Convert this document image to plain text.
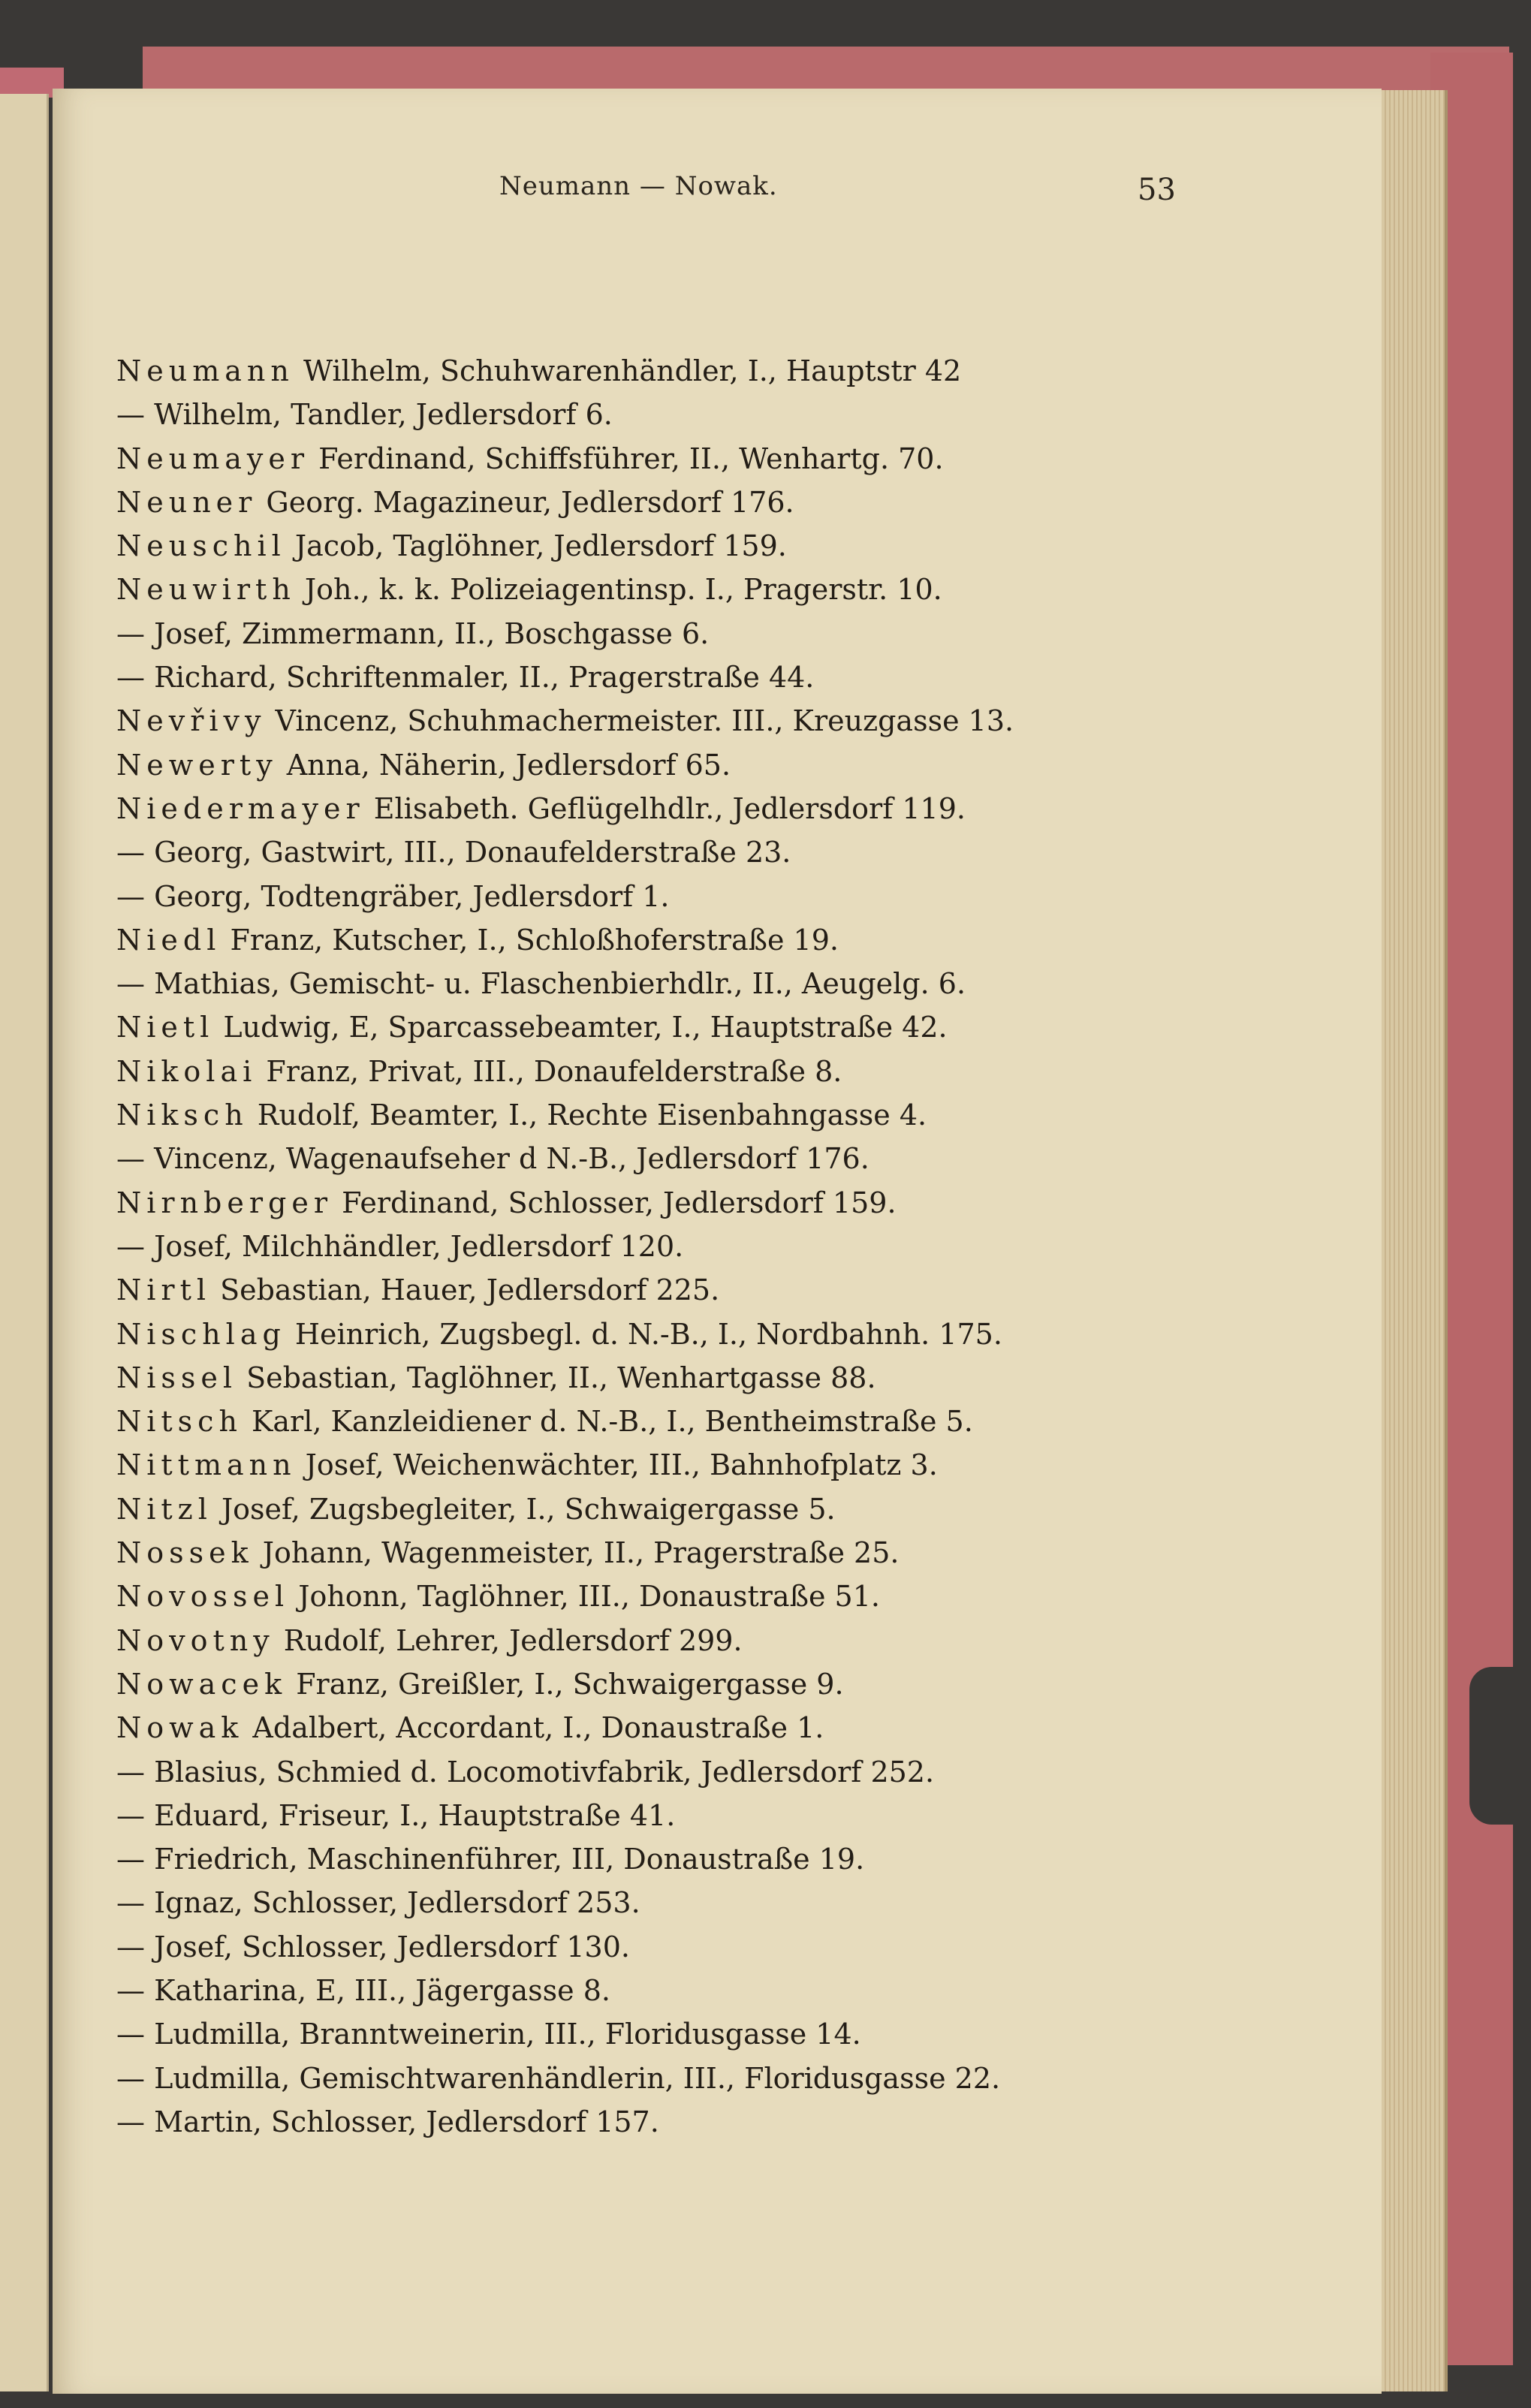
Neumann — Nowak.	53
Neumann Wilhelm, Schuhwarenhändler, I., Hauptstr 42
— Wilhelm, Tandler, Jedlersdorf 6.
Neumayer Ferdinand, Schiffsführer, II., Wenhartg. 70.
Neuner Georg. Magazineur, Jedlersdorf 176.
Neuschil Jacob, Taglöhner, Jedlersdorf 159.
Neuwirth Joh., k. k. Polizeiagentinsp. I., Pragerstr. 10.
— Josef, Zimmermann, II., Boschgasse 6.
— Richard, Schriftenmaler, II., Pragerstraße 44.
Nevřivy Vincenz, Schuhmachermeister. III., Kreuzgasse 13.
Newerty Anna, Näherin, Jedlersdorf 65.
Niedermayer Elisabeth. Geflügelhdlr., Jedlersdorf 119.
— Georg, Gastwirt, III., Donaufelderstraße 23.
— Georg, Todtengräber, Jedlersdorf 1.
Niedl Franz, Kutscher, I., Schloßhoferstraße 19.
— Mathias, Gemischt- u. Flaschenbierhdlr., II., Aeugelg. 6.
Nietl Ludwig, E, Sparcassebeamter, I., Hauptstraße 42.
Nikolai Franz, Privat, III., Donaufelderstraße 8.
Niksch Rudolf, Beamter, I., Rechte Eisenbahngasse 4.
— Vincenz, Wagenaufseher d N.-B., Jedlersdorf 176.
Nirnberger Ferdinand, Schlosser, Jedlersdorf 159.
— Josef, Milchhändler, Jedlersdorf 120.
Nirtl Sebastian, Hauer, Jedlersdorf 225.
Nischlag Heinrich, Zugsbegl. d. N.-B., I., Nordbahnh. 175.
Nissel Sebastian, Taglöhner, II., Wenhartgasse 88.
Nitsch Karl, Kanzleidiener d. N.-B., I., Bentheimstraße 5.
Nittmann Josef, Weichenwächter, III., Bahnhofplatz 3.
Nitzl Josef, Zugsbegleiter, I., Schwaigergasse 5.
Nossek Johann, Wagenmeister, II., Pragerstraße 25.
Novossel Johonn, Taglöhner, III., Donaustraße 51.
Novotny Rudolf, Lehrer, Jedlersdorf 299.
Nowacek Franz, Greißler, I., Schwaigergasse 9.
Nowak Adalbert, Accordant, I., Donaustraße 1.
— Blasius, Schmied d. Locomotivfabrik, Jedlersdorf 252.
— Eduard, Friseur, I., Hauptstraße 41.
— Friedrich, Maschinenführer, III, Donaustraße 19.
— Ignaz, Schlosser, Jedlersdorf 253.
— Josef, Schlosser, Jedlersdorf 130.
— Katharina, E, III., Jägergasse 8.
— Ludmilla, Branntweinerin, III., Floridusgasse 14.
— Ludmilla, Gemischtwarenhändlerin, III., Floridusgasse 22.
— Martin, Schlosser, Jedlersdorf 157.
